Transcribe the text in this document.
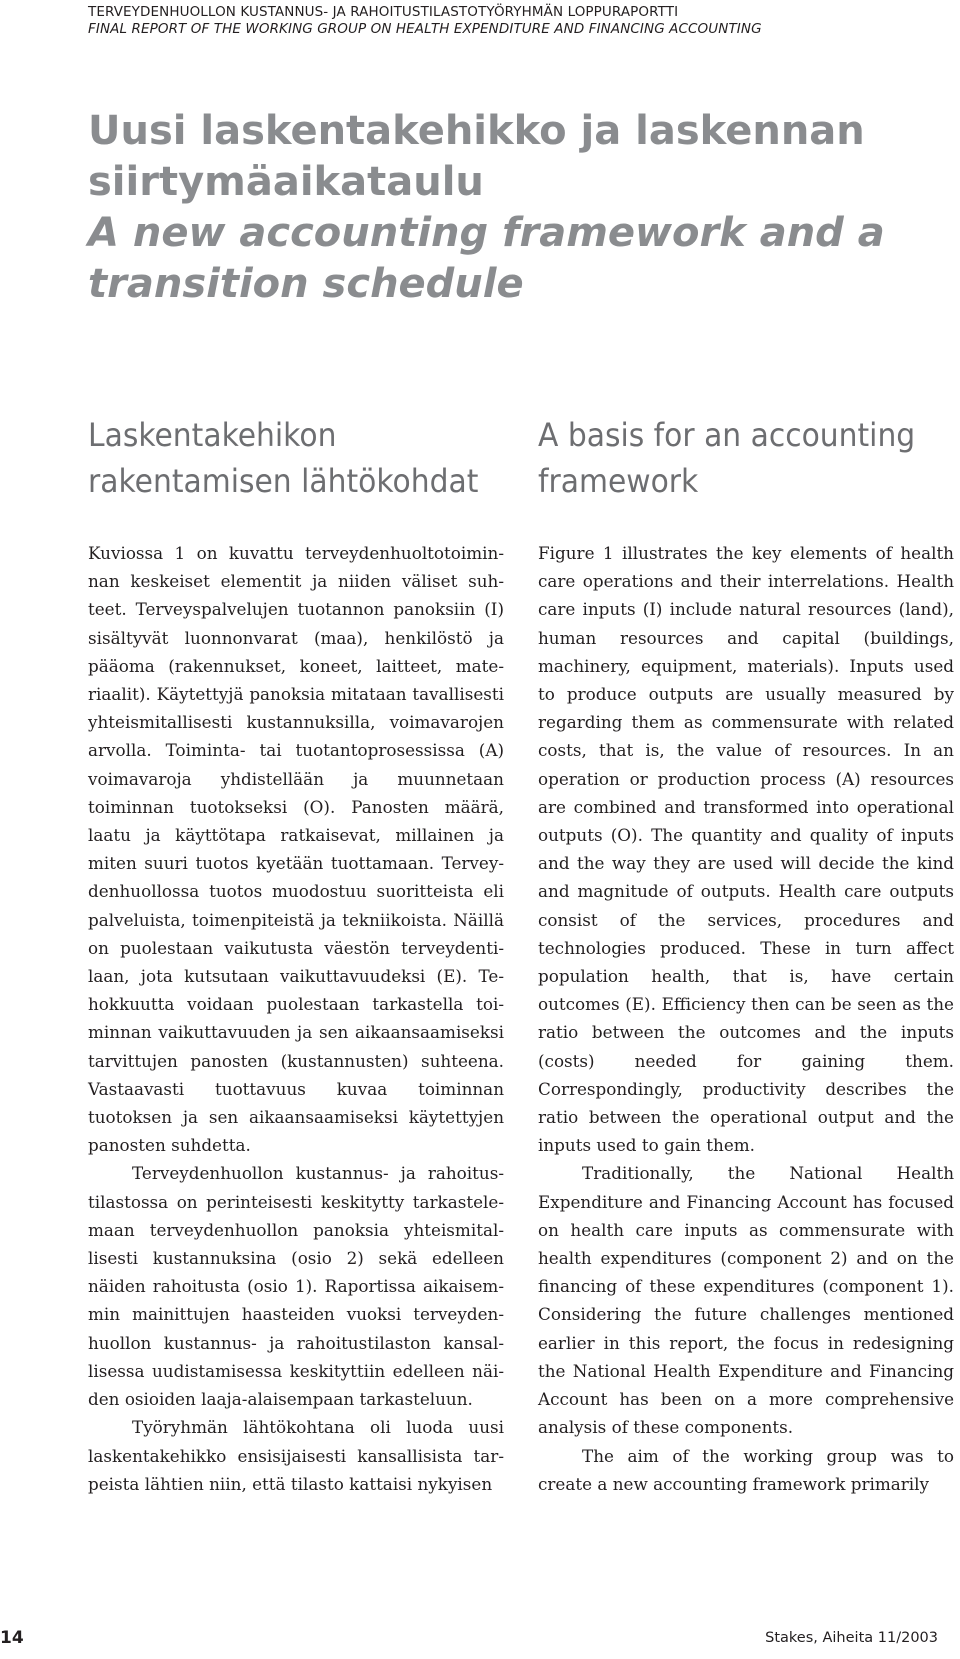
TERVEYDENHUOLLON KUSTANNUS- JA RAHOITUSTILASTOTYÖRYHMÄN LOPPURAPORTTI
FINAL REPORT OF THE WORKING GROUP ON HEALTH EXPENDITURE AND FINANCING ACCOUNTING
Uusi laskentakehikko ja laskennan
siirtymäaikataulu
A new accounting framework and a
transition schedule
Laskentakehikon
rakentamisen lähtökohdat
A basis for an accounting
framework

Kuviossa 1 on kuvattu terveydenhuoltotoiminnan keskeiset elementit ja niiden väliset suhteet. Terveyspalvelujen tuotannon panoksiin (I) sisältyvät luonnonvarat (maa), henkilöstö ja pääoma (rakennukset, koneet, laitteet, materiaalit). Käytettyjä panoksia mitataan tavallisesti yhteismitallisesti kustannuksilla, voimavarojen arvolla. Toiminta- tai tuotantoprosessissa (A) voimavaroja yhdistellään ja muunnetaan toiminnan tuotokseksi (O). Panosten määrä, laatu ja käyttötapa ratkaisevat, millainen ja miten suuri tuotos kyetään tuottamaan. Terveydenhuollossa tuotos muodostuu suoritteista eli palveluista, toimenpiteistä ja tekniikoista. Näillä on puolestaan vaikutusta väestön terveydentilaan, jota kutsutaan vaikuttavuudeksi (E). Tehokkuutta voidaan puolestaan tarkastella toiminnan vaikuttavuuden ja sen aikaansaamiseksi tarvittujen panosten (kustannusten) suhteena. Vastaavasti tuottavuus kuvaa toiminnan tuotoksen ja sen aikaansaamiseksi käytettyjen panosten suhdetta.

Terveydenhuollon kustannus- ja rahoitustilastossa on perinteisesti keskitytty tarkastelemaan terveydenhuollon panoksia yhteismitallisesti kustannuksina (osio 2) sekä edelleen näiden rahoitusta (osio 1). Raportissa aikaisemmin mainittujen haasteiden vuoksi terveydenhuollon kustannus- ja rahoitustilaston kansallisessa uudistamisessa keskityttiin edelleen näiden osioiden laaja-alaisempaan tarkasteluun.

Työryhmän lähtökohtana oli luoda uusi laskentakehikko ensisijaisesti kansallisista tarpeista lähtien niin, että tilasto kattaisi nykyisen

Figure 1 illustrates the key elements of health care operations and their interrelations. Health care inputs (I) include natural resources (land), human resources and capital (buildings, machinery, equipment, materials). Inputs used to produce outputs are usually measured by regarding them as commensurate with related costs, that is, the value of resources. In an operation or production process (A) resources are combined and transformed into operational outputs (O). The quantity and quality of inputs and the way they are used will decide the kind and magnitude of outputs. Health care outputs consist of the services, procedures and technologies produced. These in turn affect population health, that is, have certain outcomes (E). Efficiency then can be seen as the ratio between the outcomes and the inputs (costs) needed for gaining them. Correspondingly, productivity describes the ratio between the operational output and the inputs used to gain them.

Traditionally, the National Health Expenditure and Financing Account has focused on health care inputs as commensurate with health expenditures (component 2) and on the financing of these expenditures (component 1). Considering the future challenges mentioned earlier in this report, the focus in redesigning the National Health Expenditure and Financing Account has been on a more comprehensive analysis of these components.

The aim of the working group was to create a new accounting framework primarily

14	Stakes, Aiheita 11/2003
